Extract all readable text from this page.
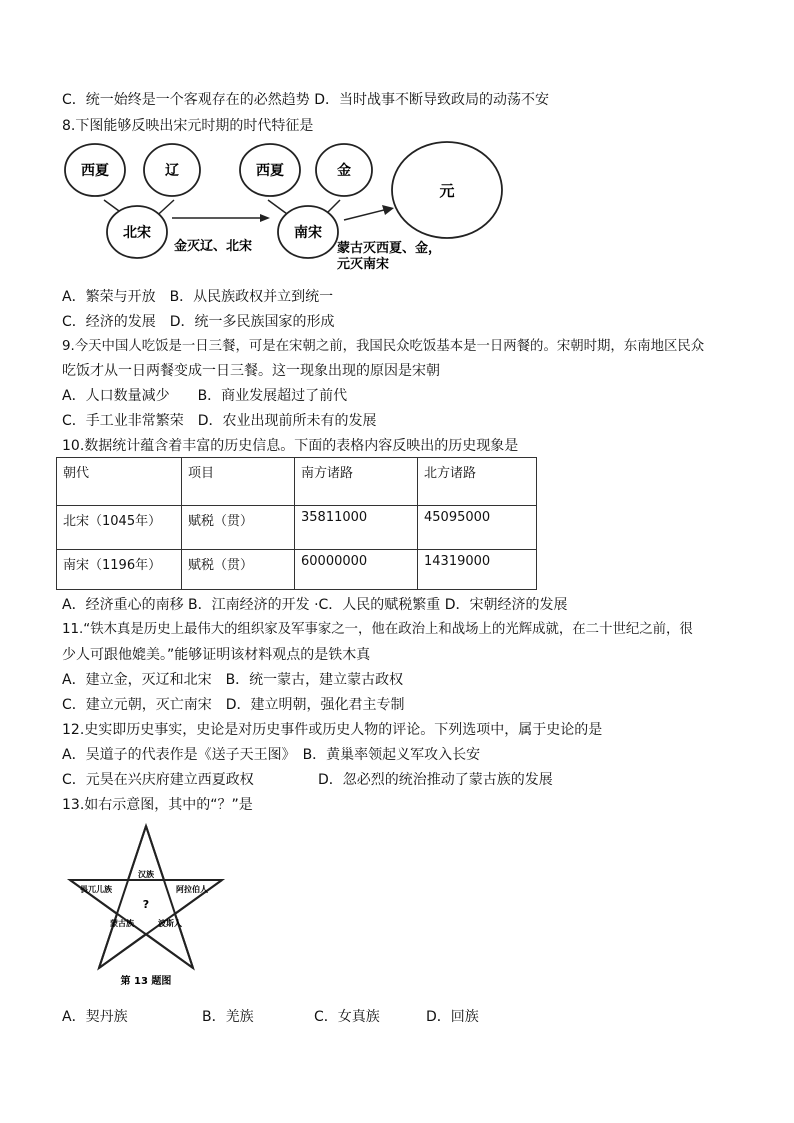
C．统一始终是一个客观存在的必然趋势 D．当时战事不断导致政局的动荡不安
8.下图能够反映出宋元时期的时代特征是
西夏	辽
北宋
金灭辽、北宋
西夏	金
南宋
蒙古灭西夏、金，
元灭南宋
元
A．繁荣与开放　B．从民族政权并立到统一
C．经济的发展　D．统一多民族国家的形成
9.今天中国人吃饭是一日三餐，可是在宋朝之前，我国民众吃饭基本是一日两餐的。宋朝时期，东南地区民众
吃饭才从一日两餐变成一日三餐。这一现象出现的原因是宋朝
A．人口数量减少　　B．商业发展超过了前代
C．手工业非常繁荣　D．农业出现前所未有的发展
10.数据统计蕴含着丰富的历史信息。下面的表格内容反映出的历史现象是
朝代	项目	南方诸路	北方诸路
北宋（1045年）	赋税（贯）	35811000	45095000
南宋（1196年）	赋税（贯）	60000000	14319000
A．经济重心的南移 B．江南经济的开发 ·C．人民的赋税繁重 D．宋朝经济的发展
11.“铁木真是历史上最伟大的组织家及军事家之一，他在政治上和战场上的光辉成就，在二十世纪之前，很
少人可跟他媲美。”能够证明该材料观点的是铁木真
A．建立金，灭辽和北宋　B．统一蒙古，建立蒙古政权
C．建立元朝，灭亡南宋　D．建立明朝，强化君主专制
12.史实即历史事实，史论是对历史事件或历史人物的评论。下列选项中，属于史论的是
A．吴道子的代表作是《送子天王图》　B．黄巢率领起义军攻入长安
C．元昊在兴庆府建立西夏政权	D．忽必烈的统治推动了蒙古族的发展
13.如右示意图，其中的“？”是
汉族
畏兀儿族	阿拉伯人
?
蒙古族	波斯人
第 13 题图
A．契丹族	B．羌族	C．女真族	D．回族
